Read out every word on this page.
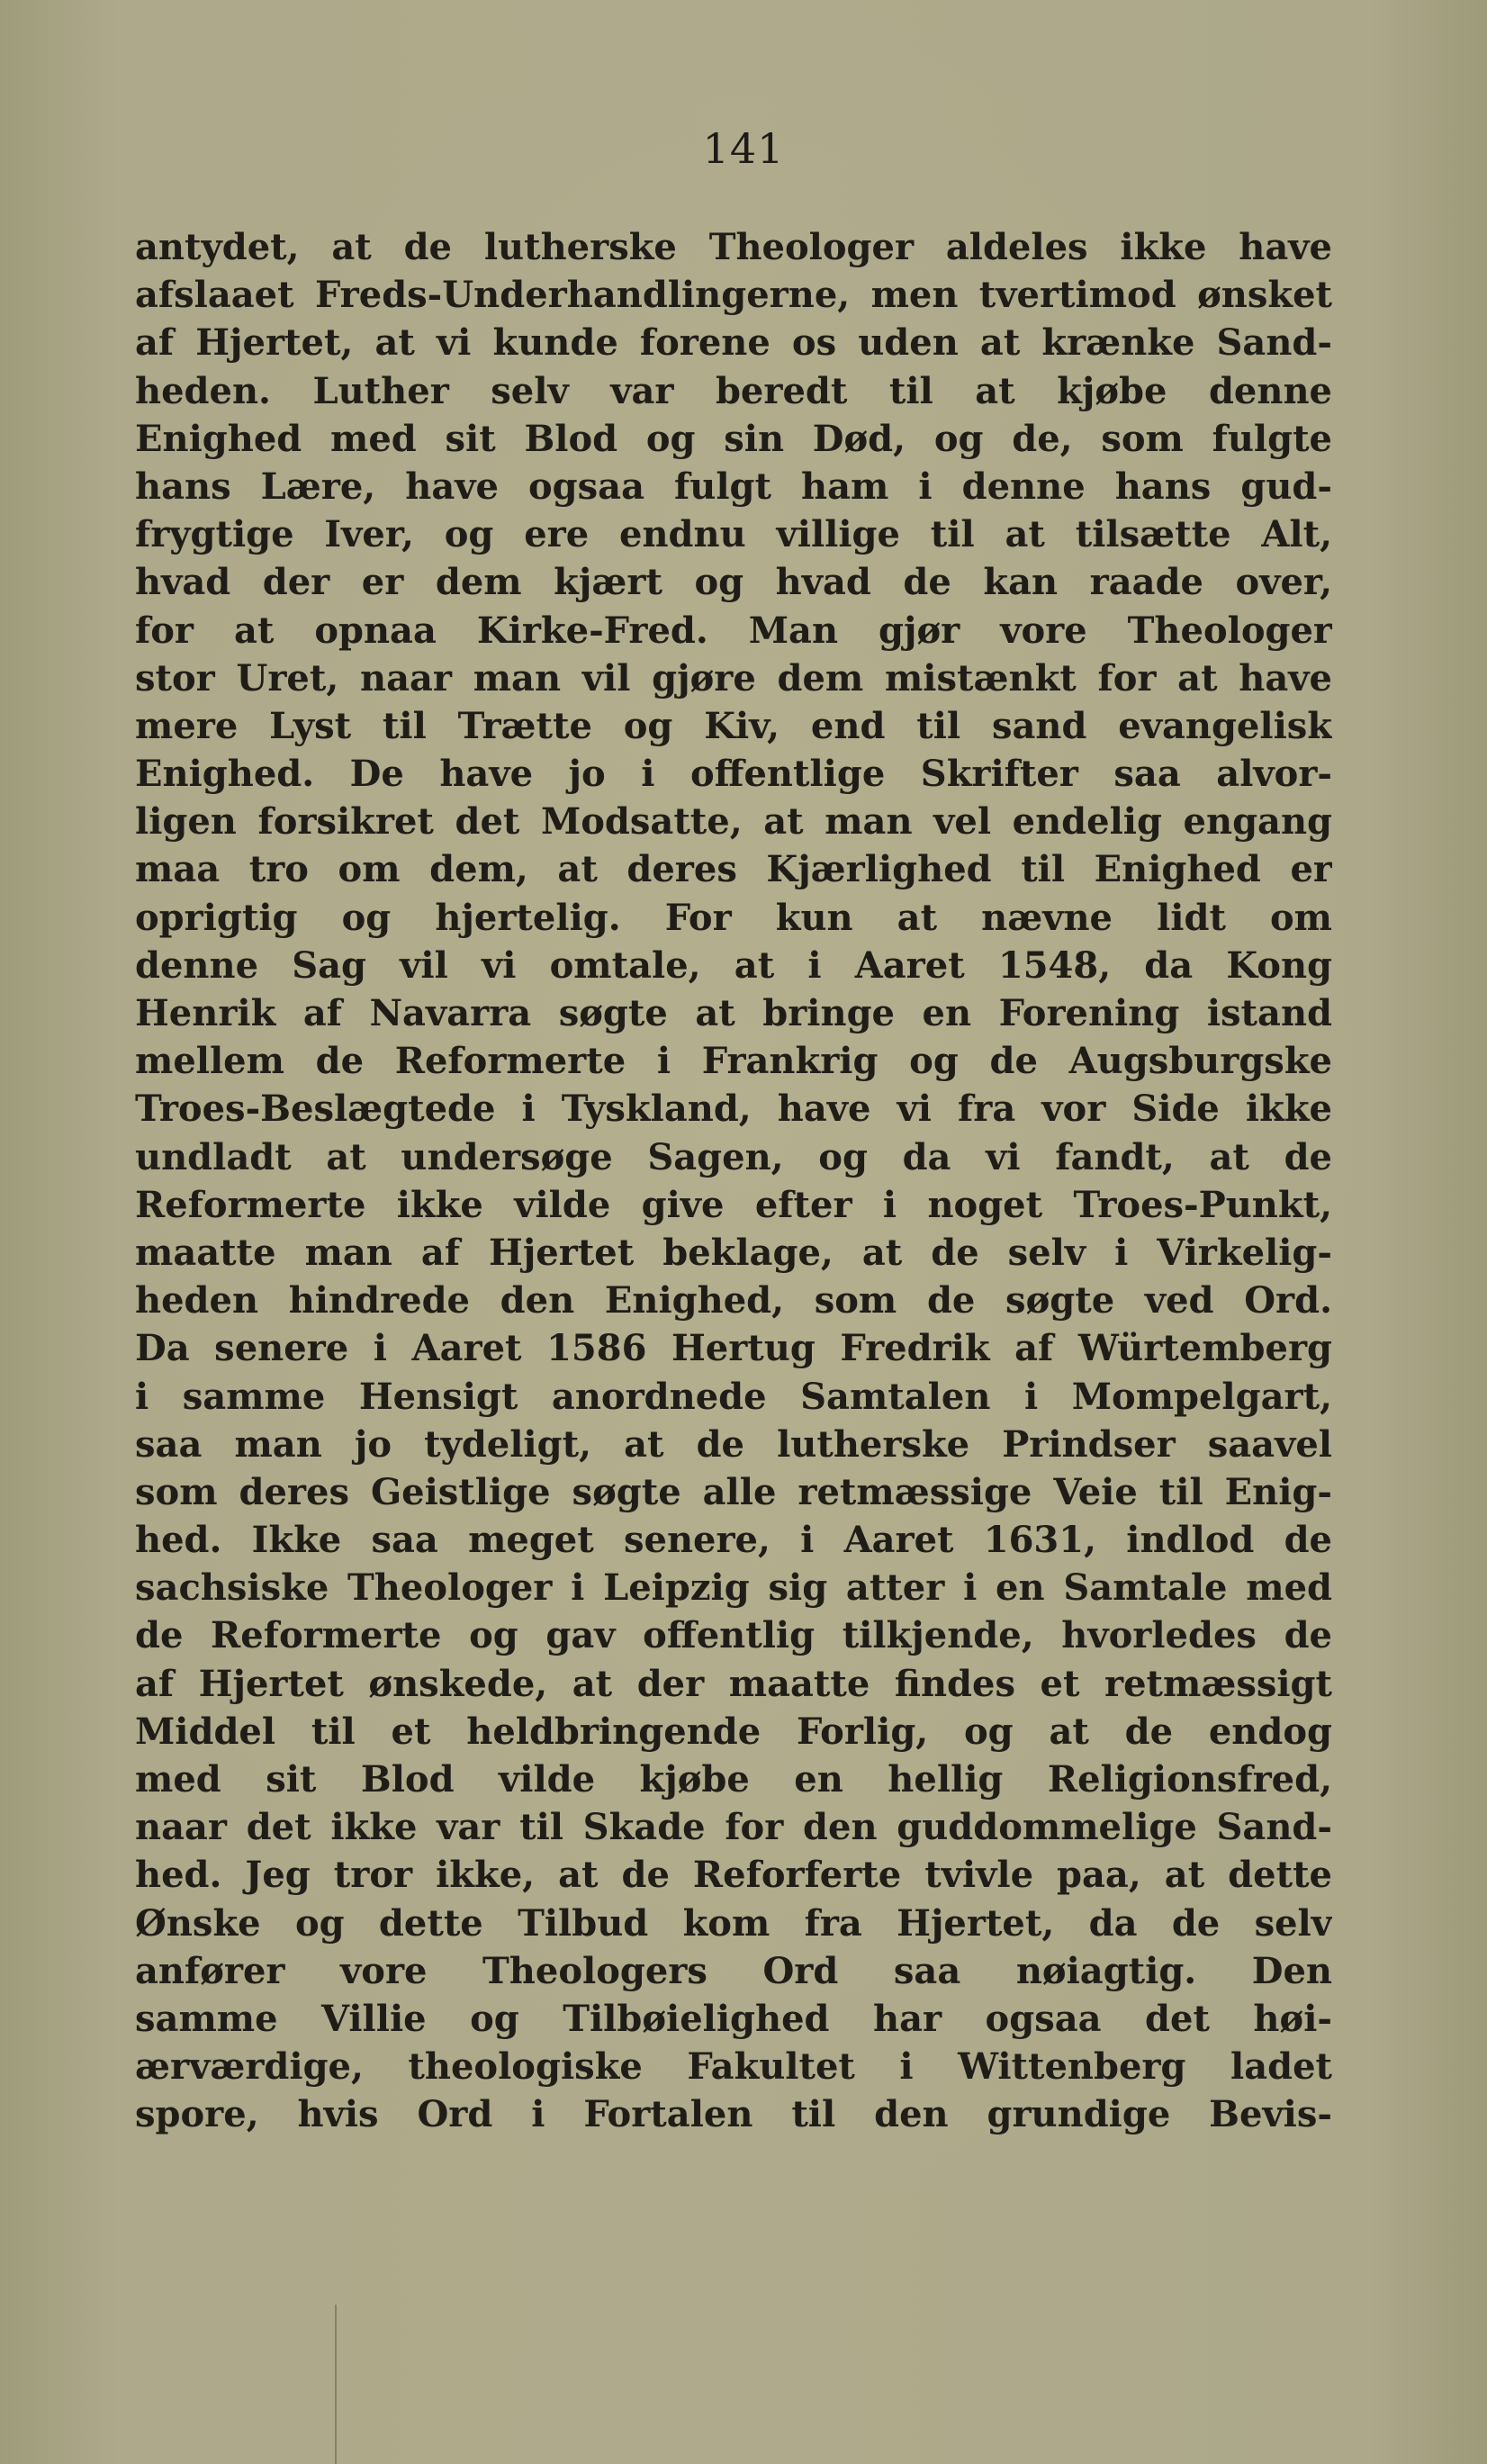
141
antydet, at de lutherske Theologer aldeles ikke have
afslaaet Freds-Underhandlingerne, men tvertimod ønsket
af Hjertet, at vi kunde forene os uden at krænke Sand-
heden. Luther selv var beredt til at kjøbe denne
Enighed med sit Blod og sin Død, og de, som fulgte
hans Lære, have ogsaa fulgt ham i denne hans gud-
frygtige Iver, og ere endnu villige til at tilsætte Alt,
hvad der er dem kjært og hvad de kan raade over,
for at opnaa Kirke-Fred. Man gjør vore Theologer
stor Uret, naar man vil gjøre dem mistænkt for at have
mere Lyst til Trætte og Kiv, end til sand evangelisk
Enighed. De have jo i offentlige Skrifter saa alvor-
ligen forsikret det Modsatte, at man vel endelig engang
maa tro om dem, at deres Kjærlighed til Enighed er
oprigtig og hjertelig. For kun at nævne lidt om
denne Sag vil vi omtale, at i Aaret 1548, da Kong
Henrik af Navarra søgte at bringe en Forening istand
mellem de Reformerte i Frankrig og de Augsburgske
Troes-Beslægtede i Tyskland, have vi fra vor Side ikke
undladt at undersøge Sagen, og da vi fandt, at de
Reformerte ikke vilde give efter i noget Troes-Punkt,
maatte man af Hjertet beklage, at de selv i Virkelig-
heden hindrede den Enighed, som de søgte ved Ord.
Da senere i Aaret 1586 Hertug Fredrik af Würtemberg
i samme Hensigt anordnede Samtalen i Mompelgart,
saa man jo tydeligt, at de lutherske Prindser saavel
som deres Geistlige søgte alle retmæssige Veie til Enig-
hed. Ikke saa meget senere, i Aaret 1631, indlod de
sachsiske Theologer i Leipzig sig atter i en Samtale med
de Reformerte og gav offentlig tilkjende, hvorledes de
af Hjertet ønskede, at der maatte findes et retmæssigt
Middel til et heldbringende Forlig, og at de endog
med sit Blod vilde kjøbe en hellig Religionsfred,
naar det ikke var til Skade for den guddommelige Sand-
hed. Jeg tror ikke, at de Reforferte tvivle paa, at dette
Ønske og dette Tilbud kom fra Hjertet, da de selv
anfører vore Theologers Ord saa nøiagtig. Den
samme Villie og Tilbøielighed har ogsaa det høi-
ærværdige, theologiske Fakultet i Wittenberg ladet
spore, hvis Ord i Fortalen til den grundige Bevis-
